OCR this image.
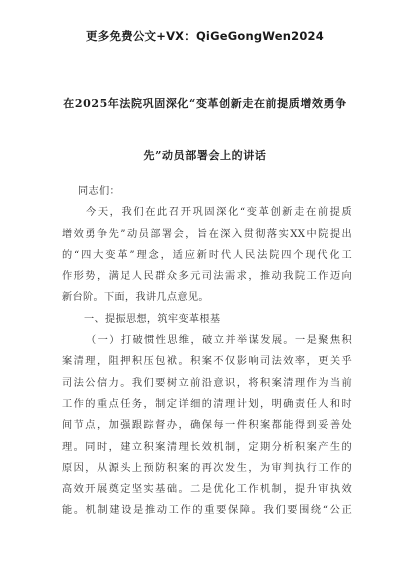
更多免费公文+VX：QiGeGongWen2024
在2025年法院巩固深化“变革创新走在前提质增效勇争
先”动员部署会上的讲话

同志们：

今天，我们在此召开巩固深化“变革创新走在前提质

增效勇争先”动员部署会，旨在深入贯彻落实XX中院提出

的“四大变革”理念，适应新时代人民法院四个现代化工

作形势，满足人民群众多元司法需求，推动我院工作迈向

新台阶。下面，我讲几点意见。

一、提振思想，筑牢变革根基

（一）打破惯性思维，破立并举谋发展。一是聚焦积

案清理，阻押积压包袱。积案不仅影响司法效率，更关乎

司法公信力。我们要树立前沿意识，将积案清理作为当前

工作的重点任务，制定详细的清理计划，明确责任人和时

间节点，加强跟踪督办，确保每一件积案都能得到妥善处

理。同时，建立积案清理长效机制，定期分析积案产生的

原因，从源头上预防积案的再次发生，为审判执行工作的

高效开展奠定坚实基础。二是优化工作机制，提升审执效

能。机制建设是推动工作的重要保障。我们要围绕“公正
